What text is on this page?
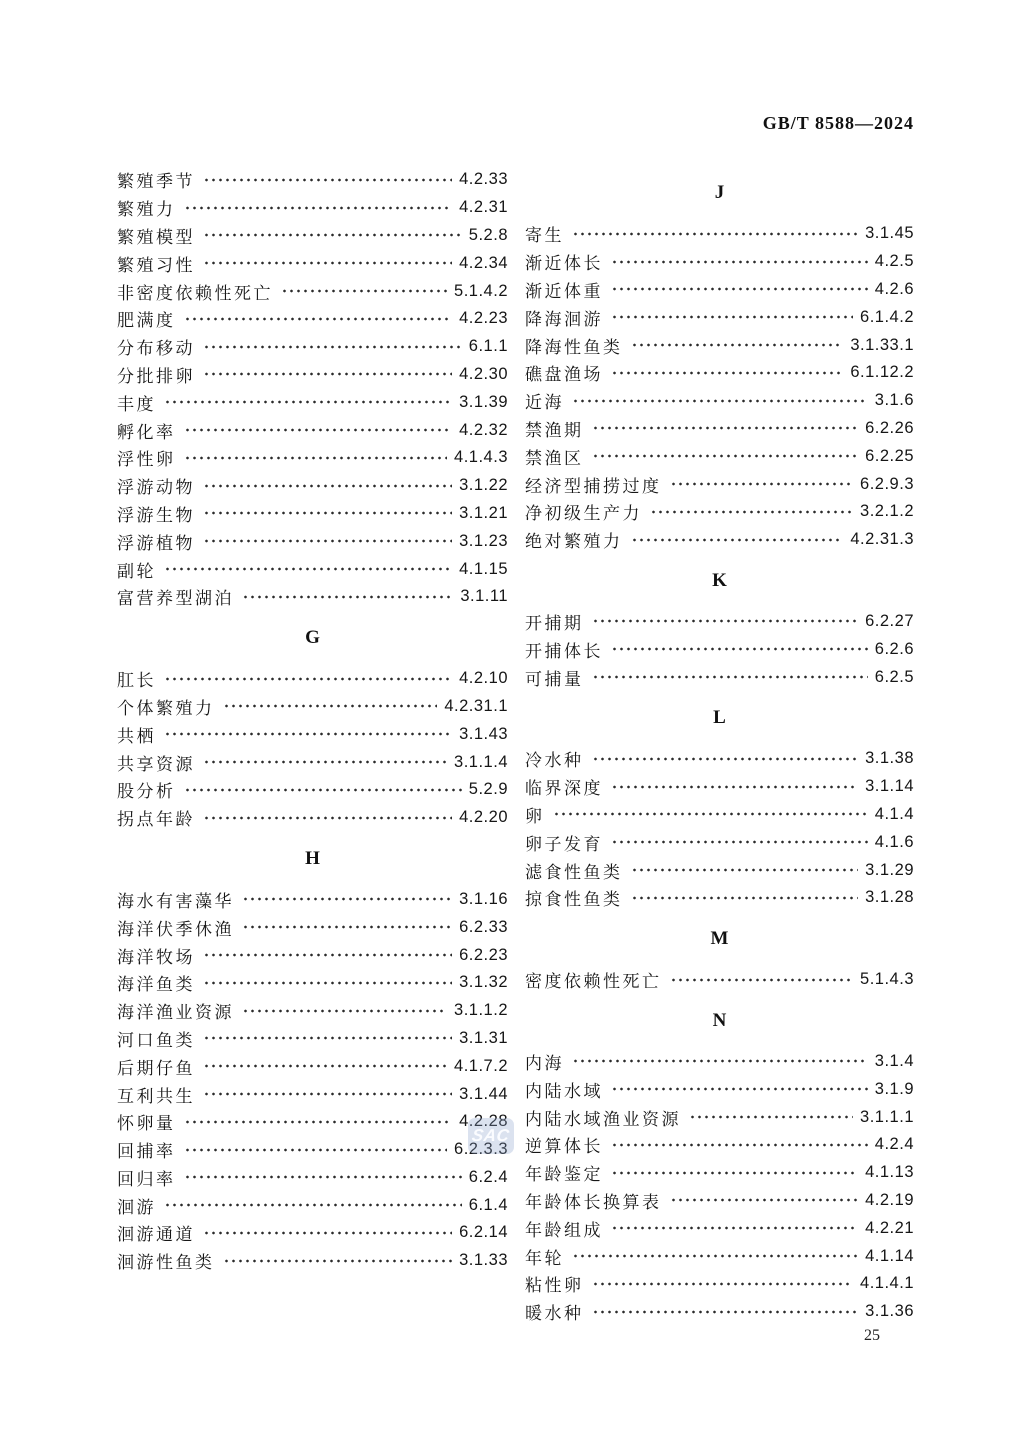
GB/T 8588—2024
繁殖季节	4.2.33
繁殖力	4.2.31
繁殖模型	5.2.8
繁殖习性	4.2.34
非密度依赖性死亡	5.1.4.2
肥满度	4.2.23
分布移动	6.1.1
分批排卵	4.2.30
丰度	3.1.39
孵化率	4.2.32
浮性卵	4.1.4.3
浮游动物	3.1.22
浮游生物	3.1.21
浮游植物	3.1.23
副轮	4.1.15
富营养型湖泊	3.1.11
G
肛长	4.2.10
个体繁殖力	4.2.31.1
共栖	3.1.43
共享资源	3.1.1.4
股分析	5.2.9
拐点年龄	4.2.20
H
海水有害藻华	3.1.16
海洋伏季休渔	6.2.33
海洋牧场	6.2.23
海洋鱼类	3.1.32
海洋渔业资源	3.1.1.2
河口鱼类	3.1.31
后期仔鱼	4.1.7.2
互利共生	3.1.44
怀卵量	4.2.28
回捕率	6.2.3.3
回归率	6.2.4
洄游	6.1.4
洄游通道	6.2.14
洄游性鱼类	3.1.33
J
寄生	3.1.45
渐近体长	4.2.5
渐近体重	4.2.6
降海洄游	6.1.4.2
降海性鱼类	3.1.33.1
礁盘渔场	6.1.12.2
近海	3.1.6
禁渔期	6.2.26
禁渔区	6.2.25
经济型捕捞过度	6.2.9.3
净初级生产力	3.2.1.2
绝对繁殖力	4.2.31.3
K
开捕期	6.2.27
开捕体长	6.2.6
可捕量	6.2.5
L
冷水种	3.1.38
临界深度	3.1.14
卵	4.1.4
卵子发育	4.1.6
滤食性鱼类	3.1.29
掠食性鱼类	3.1.28
M
密度依赖性死亡	5.1.4.3
N
内海	3.1.4
内陆水域	3.1.9
内陆水域渔业资源	3.1.1.1
逆算体长	4.2.4
年龄鉴定	4.1.13
年龄体长换算表	4.2.19
年龄组成	4.2.21
年轮	4.1.14
粘性卵	4.1.4.1
暖水种	3.1.36
SAC
25
